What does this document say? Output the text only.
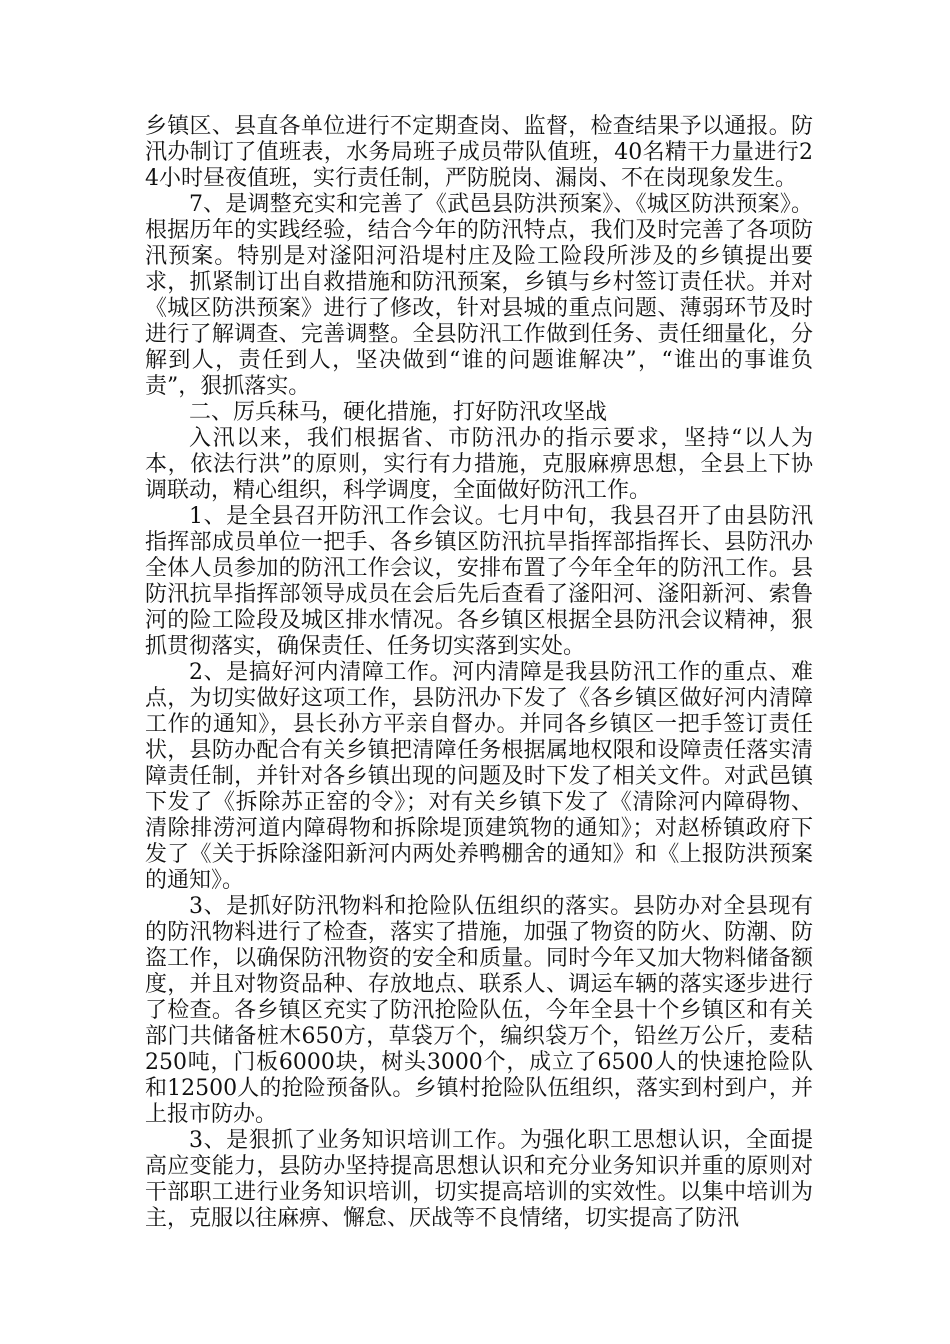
乡镇区、县直各单位进行不定期查岗、监督，检查结果予以通报。防汛办制订了值班表，水务局班子成员带队值班，40名精干力量进行24小时昼夜值班，实行责任制，严防脱岗、漏岗、不在岗现象发生。

7、是调整充实和完善了《武邑县防洪预案》、《城区防洪预案》。根据历年的实践经验，结合今年的防汛特点，我们及时完善了各项防汛预案。特别是对滏阳河沿堤村庄及险工险段所涉及的乡镇提出要求，抓紧制订出自救措施和防汛预案，乡镇与乡村签订责任状。并对《城区防洪预案》进行了修改，针对县城的重点问题、薄弱环节及时进行了解调查、完善调整。全县防汛工作做到任务、责任细量化，分解到人，责任到人，坚决做到“谁的问题谁解决”，“谁出的事谁负责”，狠抓落实。

二、厉兵秣马，硬化措施，打好防汛攻坚战

入汛以来，我们根据省、市防汛办的指示要求，坚持“以人为本，依法行洪”的原则，实行有力措施，克服麻痹思想，全县上下协调联动，精心组织，科学调度，全面做好防汛工作。

1、是全县召开防汛工作会议。七月中旬，我县召开了由县防汛指挥部成员单位一把手、各乡镇区防汛抗旱指挥部指挥长、县防汛办全体人员参加的防汛工作会议，安排布置了今年全年的防汛工作。县防汛抗旱指挥部领导成员在会后先后查看了滏阳河、滏阳新河、索鲁河的险工险段及城区排水情况。各乡镇区根据全县防汛会议精神，狠抓贯彻落实，确保责任、任务切实落到实处。

2、是搞好河内清障工作。河内清障是我县防汛工作的重点、难点，为切实做好这项工作，县防汛办下发了《各乡镇区做好河内清障工作的通知》，县长孙方平亲自督办。并同各乡镇区一把手签订责任状，县防办配合有关乡镇把清障任务根据属地权限和设障责任落实清障责任制，并针对各乡镇出现的问题及时下发了相关文件。对武邑镇下发了《拆除苏正窑的令》；对有关乡镇下发了《清除河内障碍物、清除排涝河道内障碍物和拆除堤顶建筑物的通知》；对赵桥镇政府下发了《关于拆除滏阳新河内两处养鸭棚舍的通知》和《上报防洪预案的通知》。

3、是抓好防汛物料和抢险队伍组织的落实。县防办对全县现有的防汛物料进行了检查，落实了措施，加强了物资的防火、防潮、防盗工作，以确保防汛物资的安全和质量。同时今年又加大物料储备额度，并且对物资品种、存放地点、联系人、调运车辆的落实逐步进行了检查。各乡镇区充实了防汛抢险队伍，今年全县十个乡镇区和有关部门共储备桩木650方，草袋万个，编织袋万个，铅丝万公斤，麦秸250吨，门板6000块，树头3000个，成立了6500人的快速抢险队和12500人的抢险预备队。乡镇村抢险队伍组织，落实到村到户，并上报市防办。

3、是狠抓了业务知识培训工作。为强化职工思想认识，全面提高应变能力，县防办坚持提高思想认识和充分业务知识并重的原则对干部职工进行业务知识培训，切实提高培训的实效性。以集中培训为主，克服以往麻痹、懈怠、厌战等不良情绪，切实提高了防汛
